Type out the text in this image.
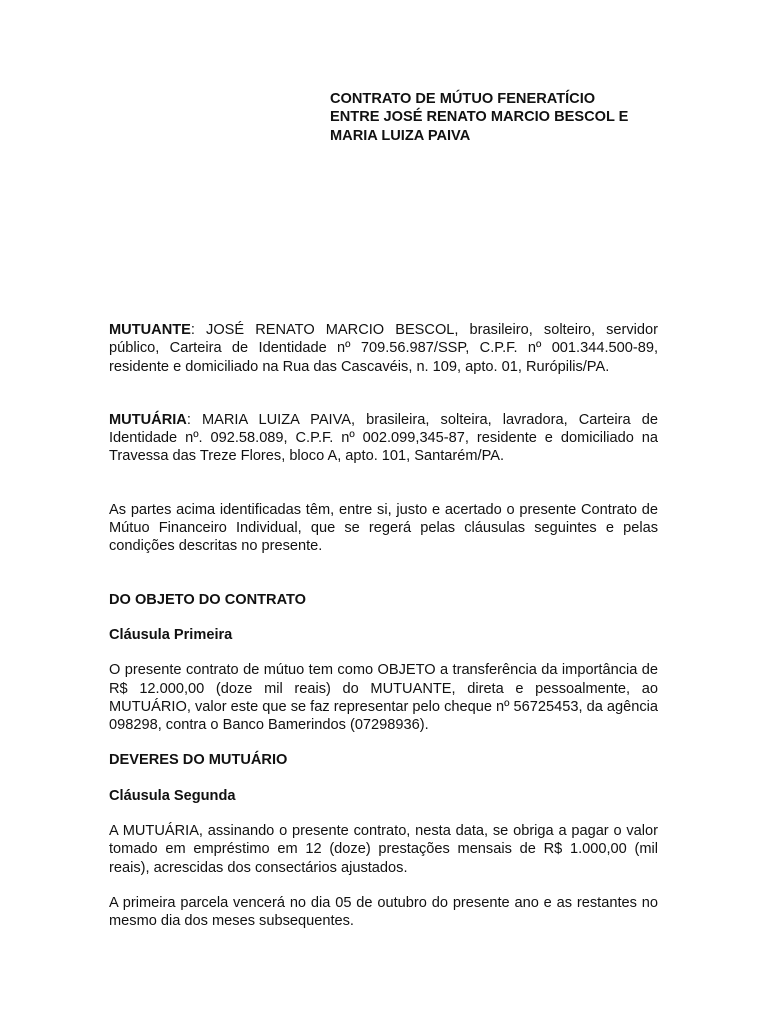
CONTRATO DE MÚTUO FENERATÍCIO
ENTRE JOSÉ RENATO MARCIO BESCOL E
MARIA LUIZA PAIVA

MUTUANTE: JOSÉ RENATO MARCIO BESCOL, brasileiro, solteiro, servidor público, Carteira de Identidade nº 709.56.987/SSP, C.P.F. nº 001.344.500-89, residente e domiciliado na Rua das Cascavéis, n. 109, apto. 01, Rurópilis/PA.

MUTUÁRIA: MARIA LUIZA PAIVA, brasileira, solteira, lavradora, Carteira de Identidade nº. 092.58.089, C.P.F. nº 002.099,345-87, residente e domiciliado na Travessa das Treze Flores, bloco A, apto. 101, Santarém/PA.

As partes acima identificadas têm, entre si, justo e acertado o presente Contrato de Mútuo Financeiro Individual, que se regerá pelas cláusulas seguintes e pelas condições descritas no presente.

DO OBJETO DO CONTRATO

Cláusula Primeira

O presente contrato de mútuo tem como OBJETO a transferência da importância de R$ 12.000,00 (doze mil reais) do MUTUANTE, direta e pessoalmente, ao MUTUÁRIO, valor este que se faz representar pelo cheque nº 56725453, da agência 098298, contra o Banco Bamerindos (07298936).

DEVERES DO MUTUÁRIO

Cláusula Segunda

A MUTUÁRIA, assinando o presente contrato, nesta data, se obriga a pagar o valor tomado em empréstimo em 12 (doze) prestações mensais de R$ 1.000,00 (mil reais), acrescidas dos consectários ajustados.

A primeira parcela vencerá no dia 05 de outubro do presente ano e as restantes no mesmo dia dos meses subsequentes.
